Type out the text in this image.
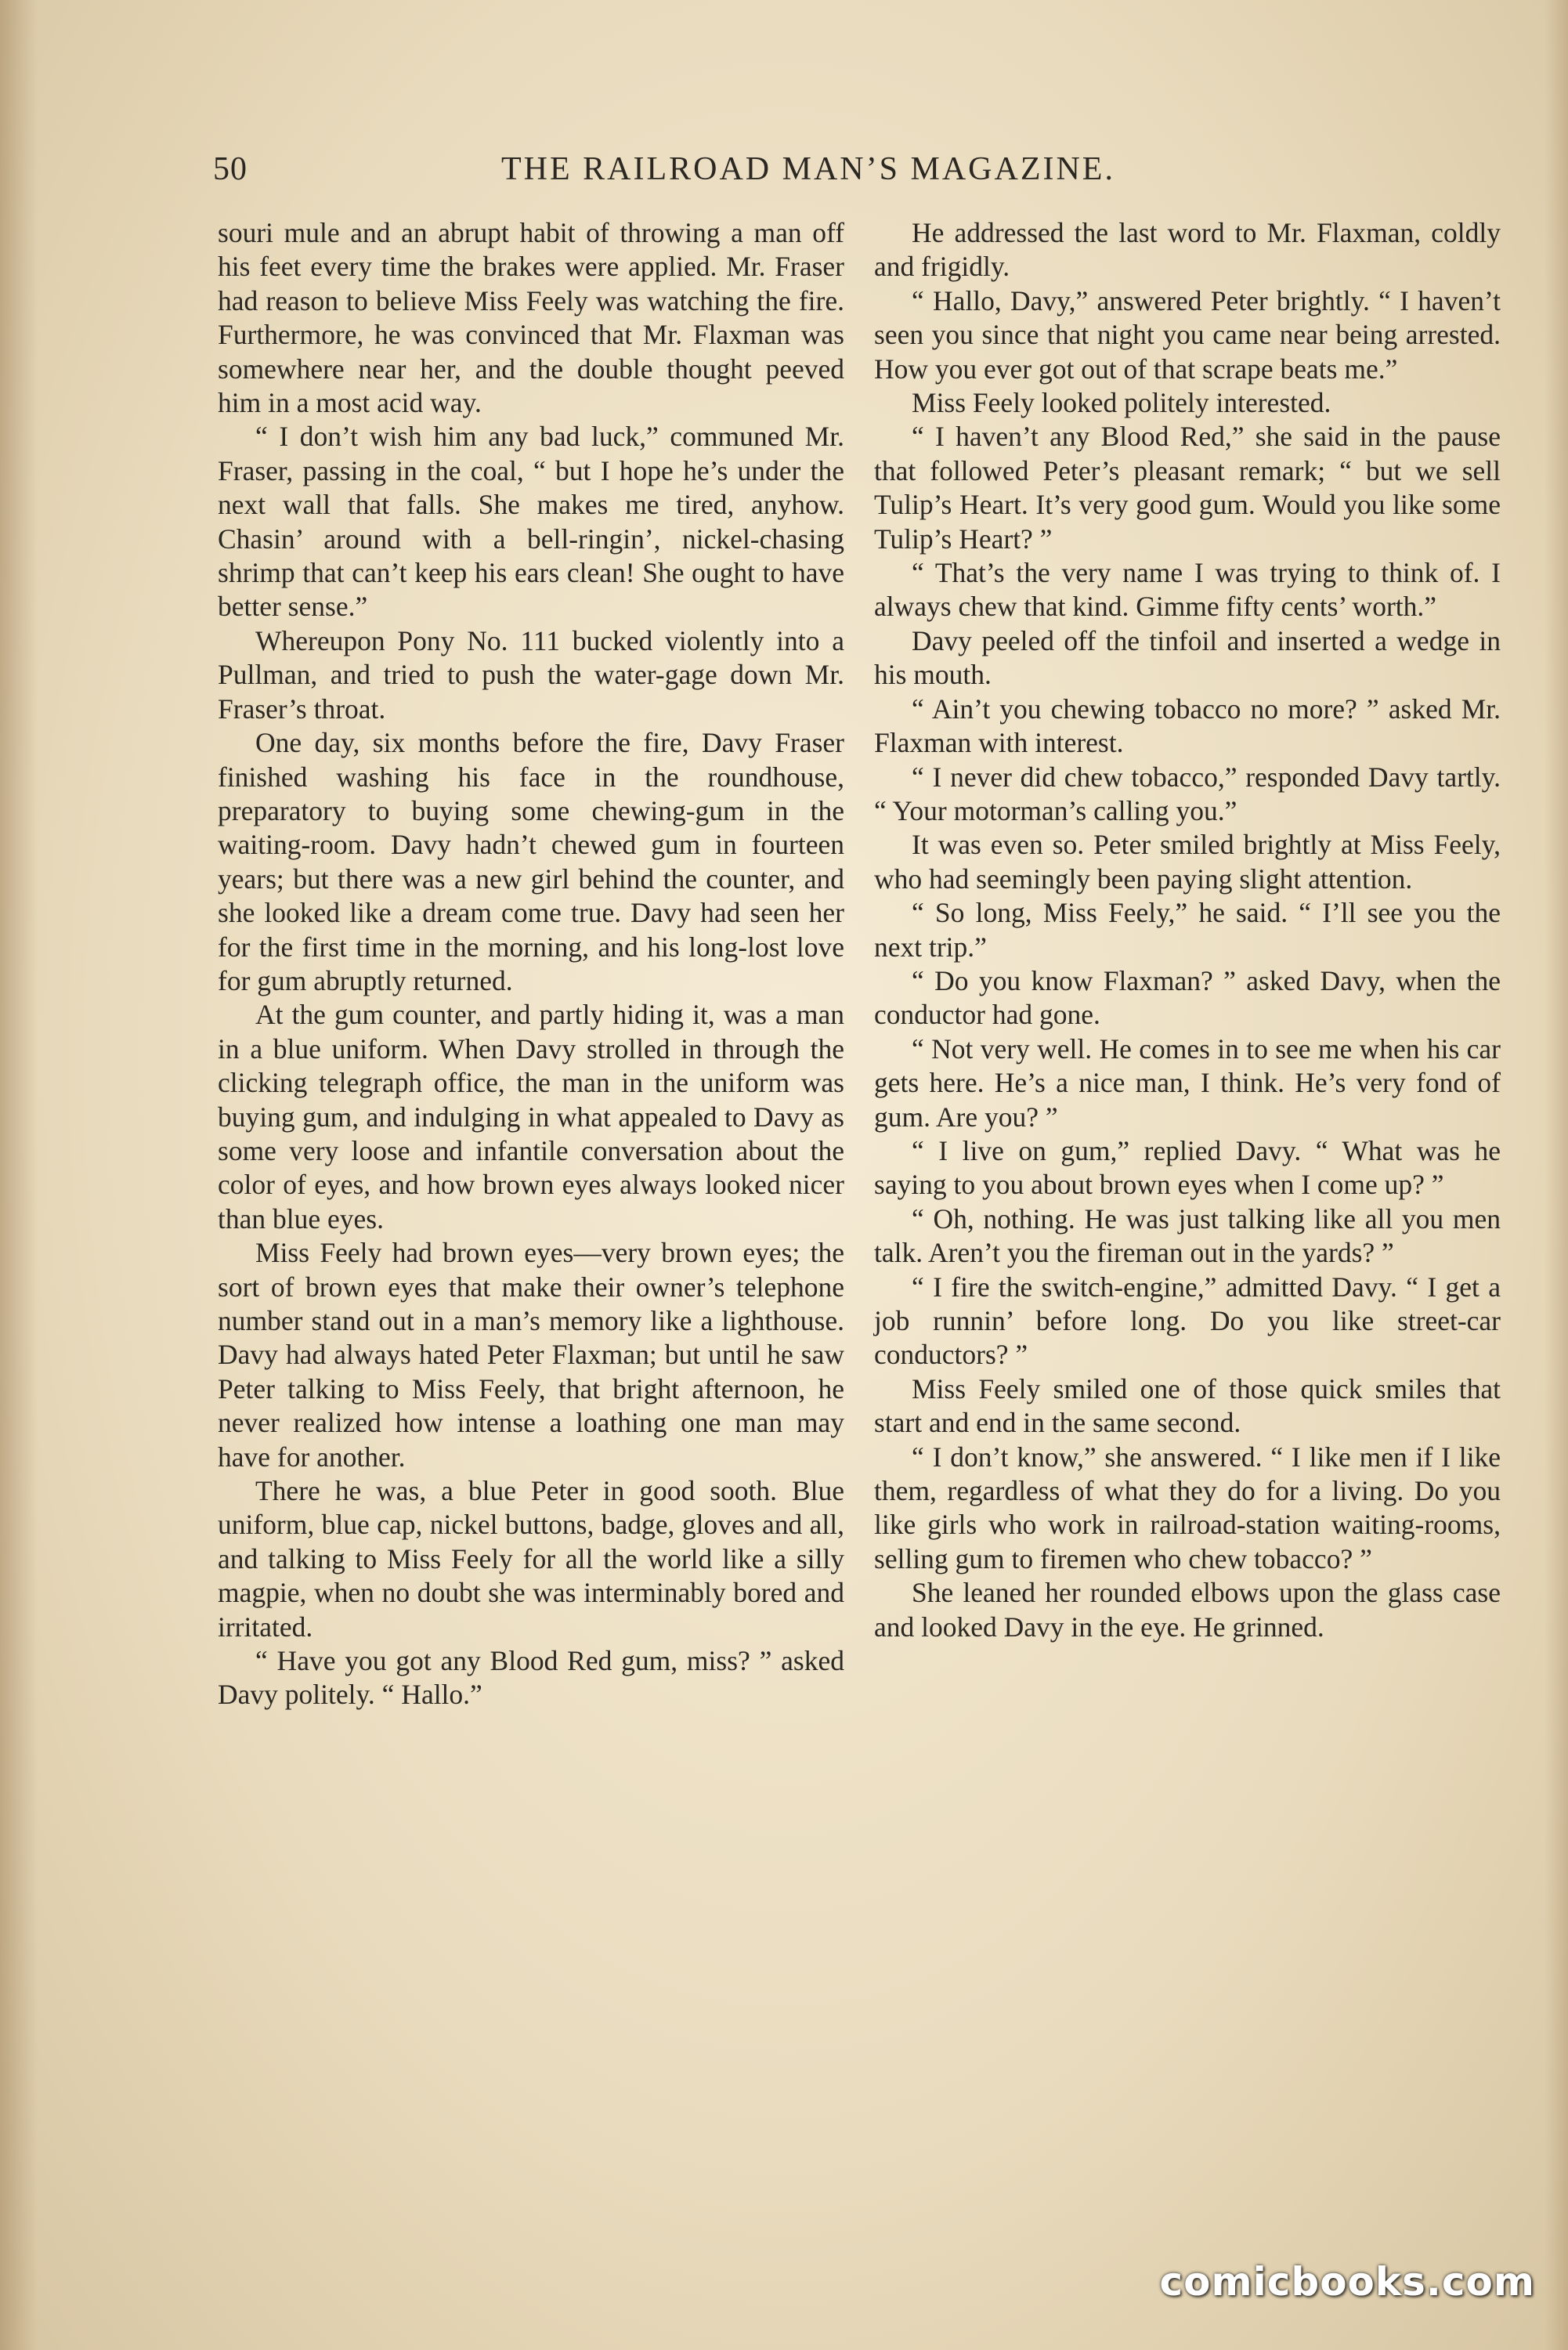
50	THE RAILROAD MAN’S MAGAZINE.

souri mule and an abrupt habit of throwing a man off his feet every time the brakes were applied. Mr. Fraser had reason to believe Miss Feely was watching the fire. Furthermore, he was convinced that Mr. Flaxman was somewhere near her, and the double thought peeved him in a most acid way.

“ I don’t wish him any bad luck,” communed Mr. Fraser, passing in the coal, “ but I hope he’s under the next wall that falls. She makes me tired, anyhow. Chasin’ around with a bell-ringin’, nickel-chasing shrimp that can’t keep his ears clean! She ought to have better sense.”

Whereupon Pony No. 111 bucked violently into a Pullman, and tried to push the water-gage down Mr. Fraser’s throat.

One day, six months before the fire, Davy Fraser finished washing his face in the roundhouse, preparatory to buying some chewing-gum in the waiting-room. Davy hadn’t chewed gum in fourteen years; but there was a new girl behind the counter, and she looked like a dream come true. Davy had seen her for the first time in the morning, and his long-lost love for gum abruptly returned.

At the gum counter, and partly hiding it, was a man in a blue uniform. When Davy strolled in through the clicking telegraph office, the man in the uniform was buying gum, and indulging in what appealed to Davy as some very loose and infantile conversation about the color of eyes, and how brown eyes always looked nicer than blue eyes.

Miss Feely had brown eyes—very brown eyes; the sort of brown eyes that make their owner’s telephone number stand out in a man’s memory like a lighthouse. Davy had always hated Peter Flaxman; but until he saw Peter talking to Miss Feely, that bright afternoon, he never realized how intense a loathing one man may have for another.

There he was, a blue Peter in good sooth. Blue uniform, blue cap, nickel buttons, badge, gloves and all, and talking to Miss Feely for all the world like a silly magpie, when no doubt she was interminably bored and irritated.

“ Have you got any Blood Red gum, miss? ” asked Davy politely. “ Hallo.”

He addressed the last word to Mr. Flaxman, coldly and frigidly.

“ Hallo, Davy,” answered Peter brightly. “ I haven’t seen you since that night you came near being arrested. How you ever got out of that scrape beats me.”

Miss Feely looked politely interested.

“ I haven’t any Blood Red,” she said in the pause that followed Peter’s pleasant remark; “ but we sell Tulip’s Heart. It’s very good gum. Would you like some Tulip’s Heart? ”

“ That’s the very name I was trying to think of. I always chew that kind. Gimme fifty cents’ worth.”

Davy peeled off the tinfoil and inserted a wedge in his mouth.

“ Ain’t you chewing tobacco no more? ” asked Mr. Flaxman with interest.

“ I never did chew tobacco,” responded Davy tartly. “ Your motorman’s calling you.”

It was even so. Peter smiled brightly at Miss Feely, who had seemingly been paying slight attention.

“ So long, Miss Feely,” he said. “ I’ll see you the next trip.”

“ Do you know Flaxman? ” asked Davy, when the conductor had gone.

“ Not very well. He comes in to see me when his car gets here. He’s a nice man, I think. He’s very fond of gum. Are you? ”

“ I live on gum,” replied Davy. “ What was he saying to you about brown eyes when I come up? ”

“ Oh, nothing. He was just talking like all you men talk. Aren’t you the fireman out in the yards? ”

“ I fire the switch-engine,” admitted Davy. “ I get a job runnin’ before long. Do you like street-car conductors? ”

Miss Feely smiled one of those quick smiles that start and end in the same second.

“ I don’t know,” she answered. “ I like men if I like them, regardless of what they do for a living. Do you like girls who work in railroad-station waiting-rooms, selling gum to firemen who chew tobacco? ”

She leaned her rounded elbows upon the glass case and looked Davy in the eye. He grinned.

comicbooks.com
